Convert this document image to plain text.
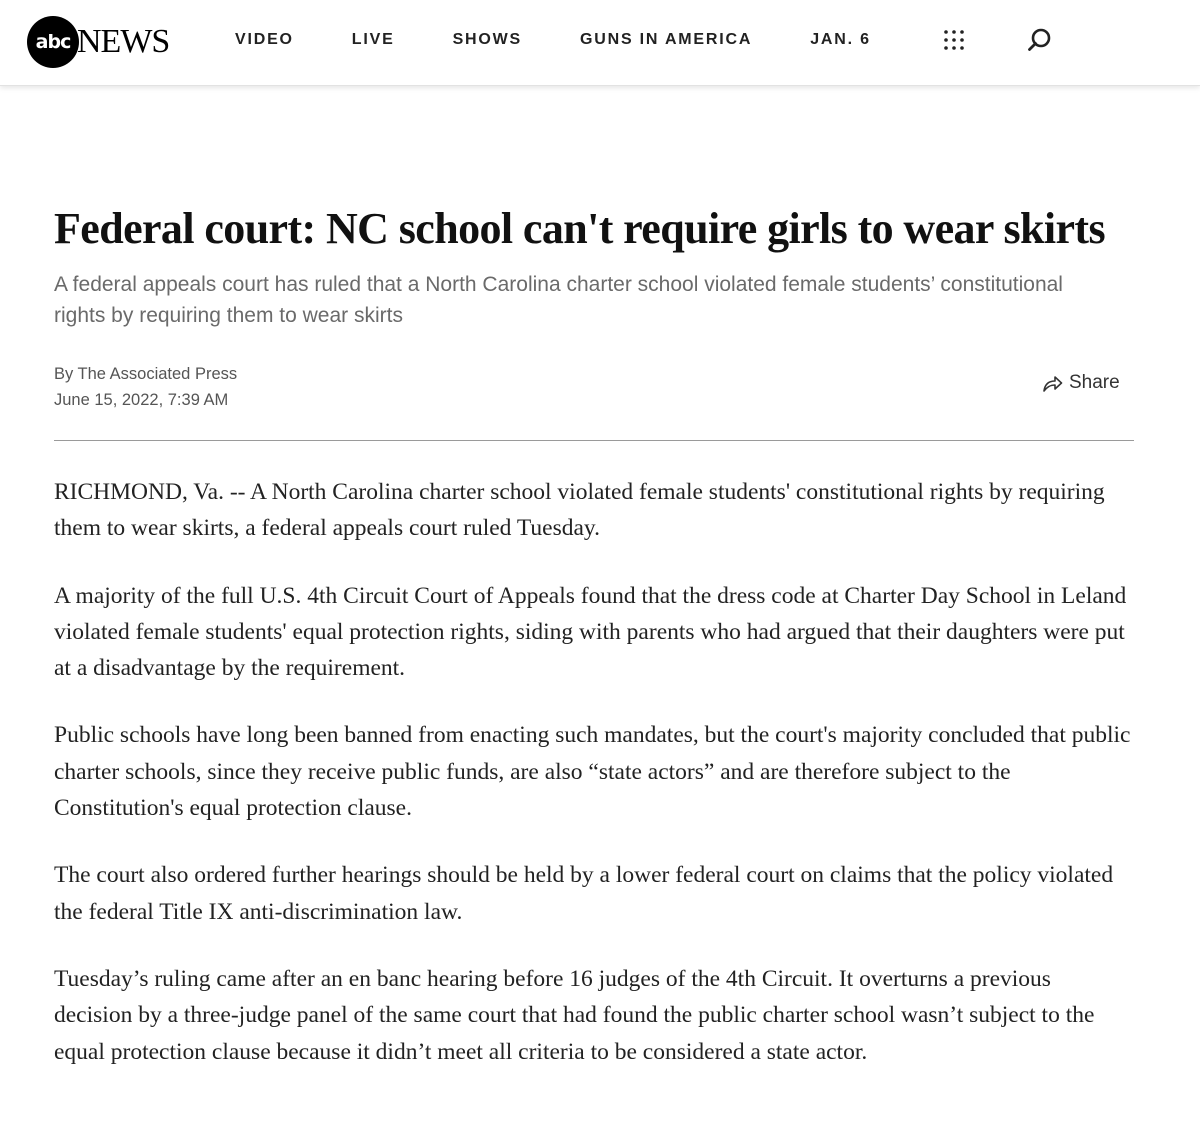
abc NEWS	VIDEO	LIVE	SHOWS	GUNS IN AMERICA	JAN. 6
Federal court: NC school can't require girls to wear skirts

A federal appeals court has ruled that a North Carolina charter school violated female students’ constitutional rights by requiring them to wear skirts

By The Associated Press
June 15, 2022, 7:39 AM
Share

RICHMOND, Va. -- A North Carolina charter school violated female students' constitutional rights by requiring them to wear skirts, a federal appeals court ruled Tuesday.

A majority of the full U.S. 4th Circuit Court of Appeals found that the dress code at Charter Day School in Leland violated female students' equal protection rights, siding with parents who had argued that their daughters were put at a disadvantage by the requirement.

Public schools have long been banned from enacting such mandates, but the court's majority concluded that public charter schools, since they receive public funds, are also “state actors” and are therefore subject to the Constitution's equal protection clause.

The court also ordered further hearings should be held by a lower federal court on claims that the policy violated the federal Title IX anti-discrimination law.

Tuesday’s ruling came after an en banc hearing before 16 judges of the 4th Circuit. It overturns a previous decision by a three-judge panel of the same court that had found the public charter school wasn’t subject to the equal protection clause because it didn’t meet all criteria to be considered a state actor.
